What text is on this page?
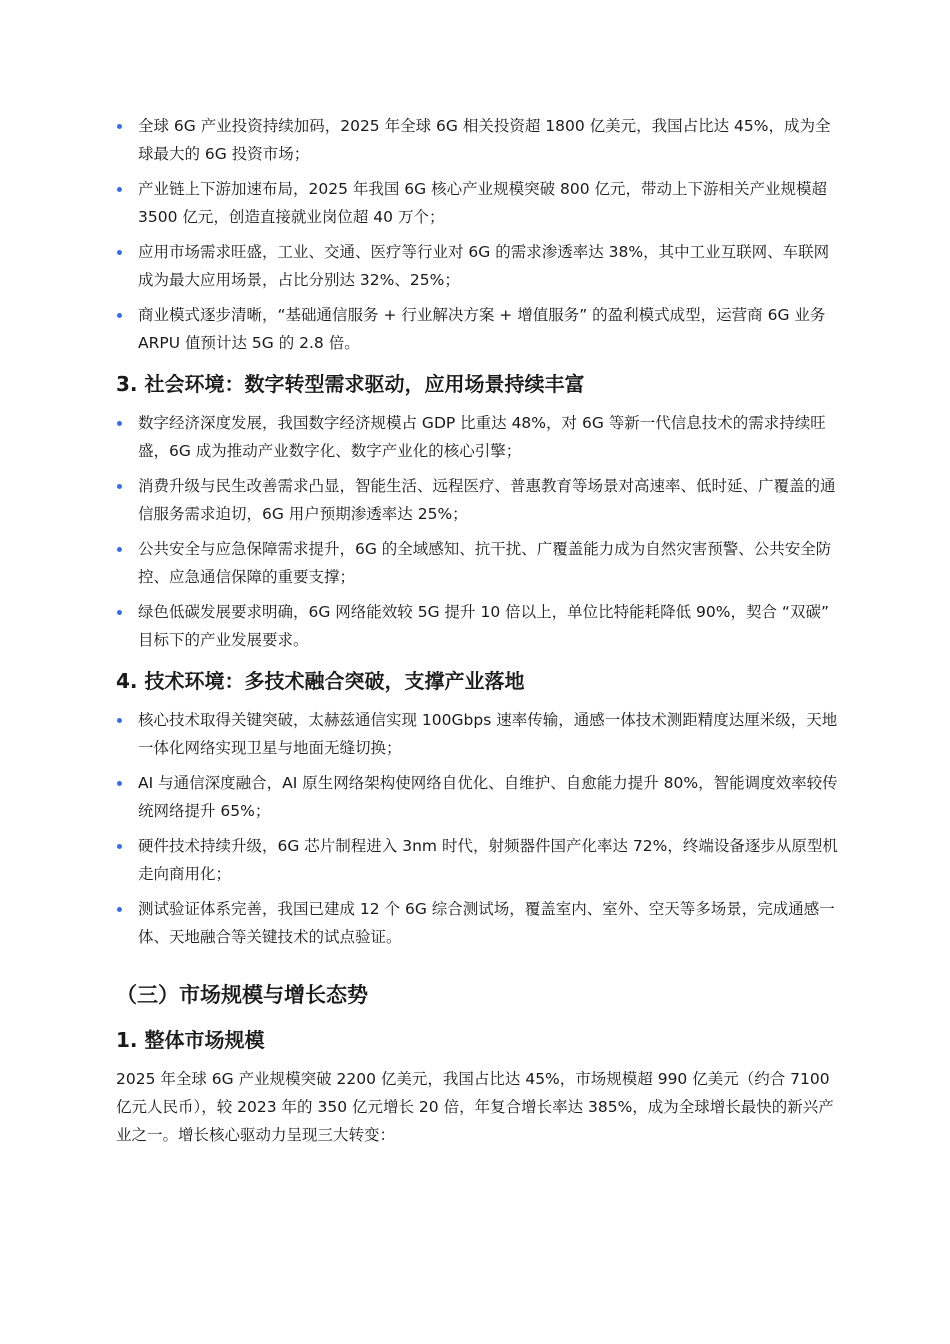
全球 6G 产业投资持续加码，2025 年全球 6G 相关投资超 1800 亿美元，我国占比达 45%，成为全球最大的 6G 投资市场；
产业链上下游加速布局，2025 年我国 6G 核心产业规模突破 800 亿元，带动上下游相关产业规模超 3500 亿元，创造直接就业岗位超 40 万个；
应用市场需求旺盛，工业、交通、医疗等行业对 6G 的需求渗透率达 38%，其中工业互联网、车联网成为最大应用场景，占比分别达 32%、25%；
商业模式逐步清晰，“基础通信服务 + 行业解决方案 + 增值服务” 的盈利模式成型，运营商 6G 业务 ARPU 值预计达 5G 的 2.8 倍。
3. 社会环境：数字转型需求驱动，应用场景持续丰富
数字经济深度发展，我国数字经济规模占 GDP 比重达 48%，对 6G 等新一代信息技术的需求持续旺盛，6G 成为推动产业数字化、数字产业化的核心引擎；
消费升级与民生改善需求凸显，智能生活、远程医疗、普惠教育等场景对高速率、低时延、广覆盖的通信服务需求迫切，6G 用户预期渗透率达 25%；
公共安全与应急保障需求提升，6G 的全域感知、抗干扰、广覆盖能力成为自然灾害预警、公共安全防控、应急通信保障的重要支撑；
绿色低碳发展要求明确，6G 网络能效较 5G 提升 10 倍以上，单位比特能耗降低 90%，契合 “双碳” 目标下的产业发展要求。
4. 技术环境：多技术融合突破，支撑产业落地
核心技术取得关键突破，太赫兹通信实现 100Gbps 速率传输，通感一体技术测距精度达厘米级，天地一体化网络实现卫星与地面无缝切换；
AI 与通信深度融合，AI 原生网络架构使网络自优化、自维护、自愈能力提升 80%，智能调度效率较传统网络提升 65%；
硬件技术持续升级，6G 芯片制程进入 3nm 时代，射频器件国产化率达 72%，终端设备逐步从原型机走向商用化；
测试验证体系完善，我国已建成 12 个 6G 综合测试场，覆盖室内、室外、空天等多场景，完成通感一体、天地融合等关键技术的试点验证。
（三）市场规模与增长态势
1. 整体市场规模

2025 年全球 6G 产业规模突破 2200 亿美元，我国占比达 45%，市场规模超 990 亿美元（约合 7100 亿元人民币），较 2023 年的 350 亿元增长 20 倍，年复合增长率达 385%，成为全球增长最快的新兴产业之一。增长核心驱动力呈现三大转变：
